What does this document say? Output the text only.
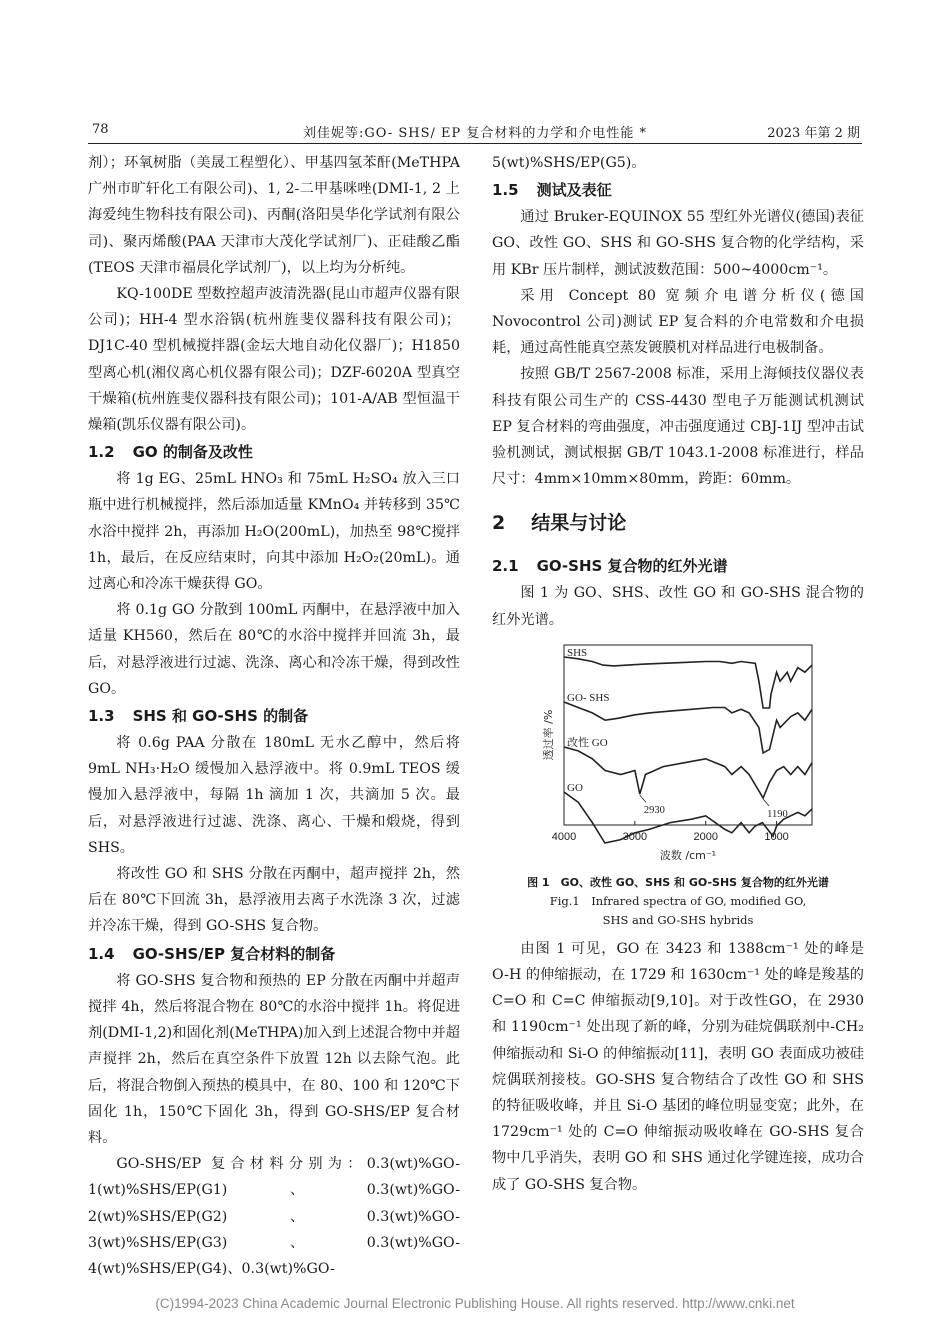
78	刘佳妮等:GO- SHS/ EP 复合材料的力学和介电性能 *	2023 年第 2 期

剂）；环氧树脂（美晟工程塑化）、甲基四氢苯酐(MeTHPA 广州市旷轩化工有限公司)、1, 2-二甲基咪唑(DMI-1, 2 上海爱纯生物科技有限公司)、丙酮(洛阳昊华化学试剂有限公司)、聚丙烯酸(PAA 天津市大茂化学试剂厂)、正硅酸乙酯(TEOS 天津市福晨化学试剂厂)，以上均为分析纯。

KQ-100DE 型数控超声波清洗器(昆山市超声仪器有限公司)；HH-4 型水浴锅(杭州旌斐仪器科技有限公司)；DJ1C-40 型机械搅拌器(金坛大地自动化仪器厂)；H1850 型离心机(湘仪离心机仪器有限公司)；DZF-6020A 型真空干燥箱(杭州旌斐仪器科技有限公司)；101-A/AB 型恒温干燥箱(凯乐仪器有限公司)。

1.2 GO 的制备及改性

将 1g EG、25mL HNO₃ 和 75mL H₂SO₄ 放入三口瓶中进行机械搅拌，然后添加适量 KMnO₄ 并转移到 35℃水浴中搅拌 2h，再添加 H₂O(200mL)，加热至 98℃搅拌 1h，最后，在反应结束时，向其中添加 H₂O₂(20mL)。通过离心和冷冻干燥获得 GO。

将 0.1g GO 分散到 100mL 丙酮中，在悬浮液中加入适量 KH560，然后在 80℃的水浴中搅拌并回流 3h，最后，对悬浮液进行过滤、洗涤、离心和冷冻干燥，得到改性 GO。

1.3 SHS 和 GO-SHS 的制备

将 0.6g PAA 分散在 180mL 无水乙醇中，然后将 9mL NH₃·H₂O 缓慢加入悬浮液中。将 0.9mL TEOS 缓慢加入悬浮液中，每隔 1h 滴加 1 次，共滴加 5 次。最后，对悬浮液进行过滤、洗涤、离心、干燥和煅烧，得到 SHS。

将改性 GO 和 SHS 分散在丙酮中，超声搅拌 2h，然后在 80℃下回流 3h，悬浮液用去离子水洗涤 3 次，过滤并冷冻干燥，得到 GO-SHS 复合物。

1.4 GO-SHS/EP 复合材料的制备

将 GO-SHS 复合物和预热的 EP 分散在丙酮中并超声搅拌 4h，然后将混合物在 80℃的水浴中搅拌 1h。将促进剂(DMI-1,2)和固化剂(MeTHPA)加入到上述混合物中并超声搅拌 2h，然后在真空条件下放置 12h 以去除气泡。此后，将混合物倒入预热的模具中，在 80、100 和 120℃下固化 1h，150℃下固化 3h，得到 GO-SHS/EP 复合材料。

GO-SHS/EP 复合材料分别为：0.3(wt)%GO-1(wt)%SHS/EP(G1)、0.3(wt)%GO-2(wt)%SHS/EP(G2)、0.3(wt)%GO-3(wt)%SHS/EP(G3)、0.3(wt)%GO-4(wt)%SHS/EP(G4)、0.3(wt)%GO-

5(wt)%SHS/EP(G5)。

1.5 测试及表征

通过 Bruker-EQUINOX 55 型红外光谱仪(德国)表征 GO、改性 GO、SHS 和 GO-SHS 复合物的化学结构，采用 KBr 压片制样，测试波数范围：500~4000cm⁻¹。

采用 Concept 80 宽频介电谱分析仪(德国 Novocontrol 公司)测试 EP 复合料的介电常数和介电损耗，通过高性能真空蒸发镀膜机对样品进行电极制备。

按照 GB/T 2567-2008 标准，采用上海倾技仪器仪表科技有限公司生产的 CSS-4430 型电子万能测试机测试 EP 复合材料的弯曲强度，冲击强度通过 CBJ-1IJ 型冲击试验机测试，测试根据 GB/T 1043.1-2008 标准进行，样品尺寸：4mm×10mm×80mm，跨距：60mm。

2 结果与讨论
2.1 GO-SHS 复合物的红外光谱

图 1 为 GO、SHS、改性 GO 和 GO-SHS 混合物的红外光谱。

4000	3000	2000	1000
波数 /cm⁻¹
透过率 /%
SHS
GO- SHS
改性 GO
2930	1190
GO
图 1　GO、改性 GO、SHS 和 GO-SHS 复合物的红外光谱
Fig.1　Infrared spectra of GO, modified GO,
SHS and GO-SHS hybrids

由图 1 可见，GO 在 3423 和 1388cm⁻¹ 处的峰是 O-H 的伸缩振动，在 1729 和 1630cm⁻¹ 处的峰是羧基的 C=O 和 C=C 伸缩振动[9,10]。对于改性GO，在 2930 和 1190cm⁻¹ 处出现了新的峰，分别为硅烷偶联剂中-CH₂ 伸缩振动和 Si-O 的伸缩振动[11]，表明 GO 表面成功被硅烷偶联剂接枝。GO-SHS 复合物结合了改性 GO 和 SHS 的特征吸收峰，并且 Si-O 基团的峰位明显变宽；此外，在 1729cm⁻¹ 处的 C=O 伸缩振动吸收峰在 GO-SHS 复合物中几乎消失，表明 GO 和 SHS 通过化学键连接，成功合成了 GO-SHS 复合物。

(C)1994-2023 China Academic Journal Electronic Publishing House. All rights reserved. http://www.cnki.net
